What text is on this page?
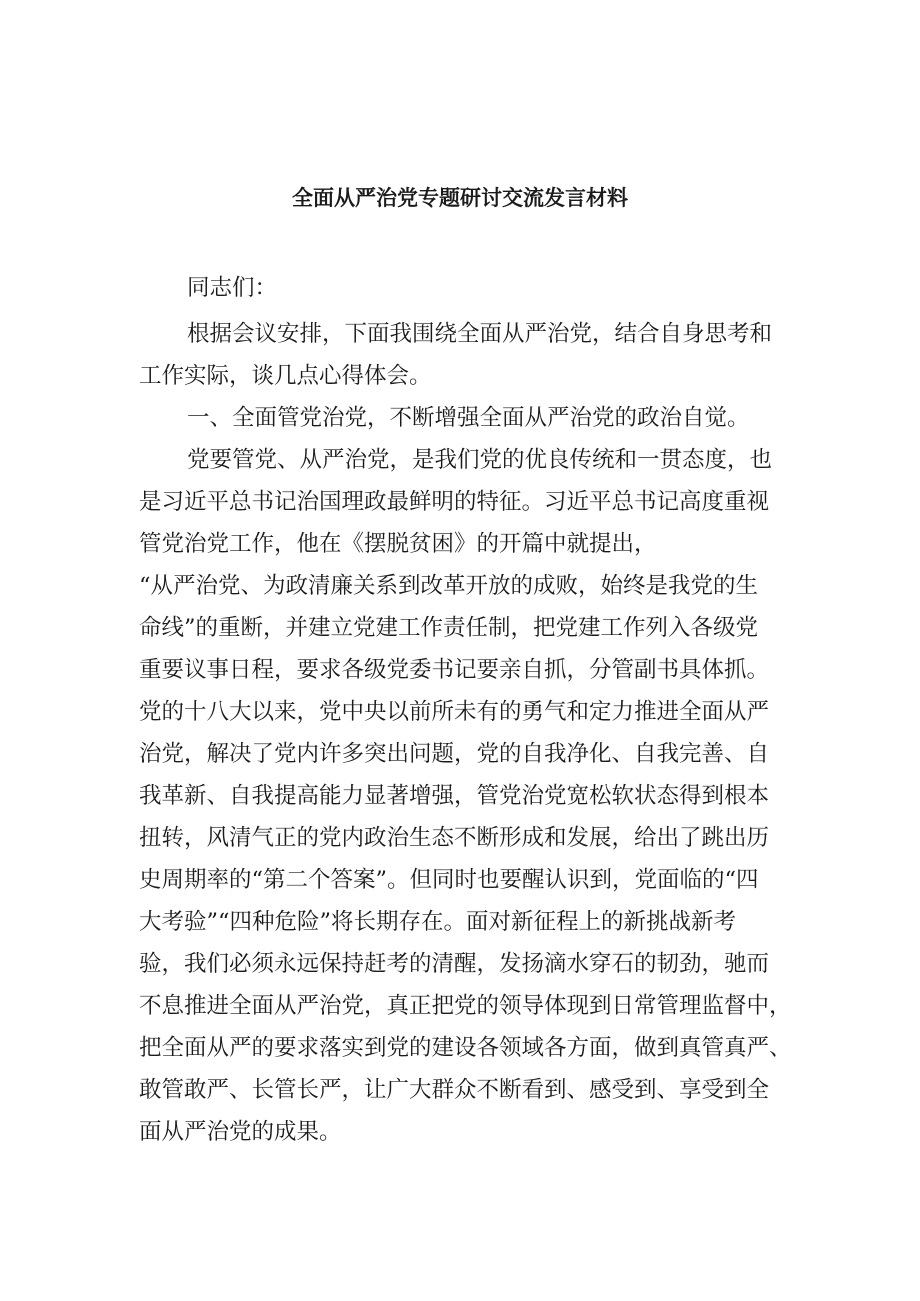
全面从严治党专题研讨交流发言材料

同志们：

根据会议安排，下面我围绕全面从严治党，结合自身思考和

工作实际，谈几点心得体会。

一、全面管党治党，不断增强全面从严治党的政治自觉。

党要管党、从严治党，是我们党的优良传统和一贯态度，也

是习近平总书记治国理政最鲜明的特征。习近平总书记高度重视

管党治党工作，他在《摆脱贫困》的开篇中就提出，

“从严治党、为政清廉关系到改革开放的成败，始终是我党的生

命线”的重断，并建立党建工作责任制，把党建工作列入各级党

重要议事日程，要求各级党委书记要亲自抓，分管副书具体抓。

党的十八大以来，党中央以前所未有的勇气和定力推进全面从严

治党，解决了党内许多突出问题，党的自我净化、自我完善、自

我革新、自我提高能力显著增强，管党治党宽松软状态得到根本

扭转，风清气正的党内政治生态不断形成和发展，给出了跳出历

史周期率的“第二个答案”。但同时也要醒认识到，党面临的“四

大考验”“四种危险”将长期存在。面对新征程上的新挑战新考

验，我们必须永远保持赶考的清醒，发扬滴水穿石的韧劲，驰而

不息推进全面从严治党，真正把党的领导体现到日常管理监督中，

把全面从严的要求落实到党的建设各领域各方面，做到真管真严、

敢管敢严、长管长严，让广大群众不断看到、感受到、享受到全

面从严治党的成果。
